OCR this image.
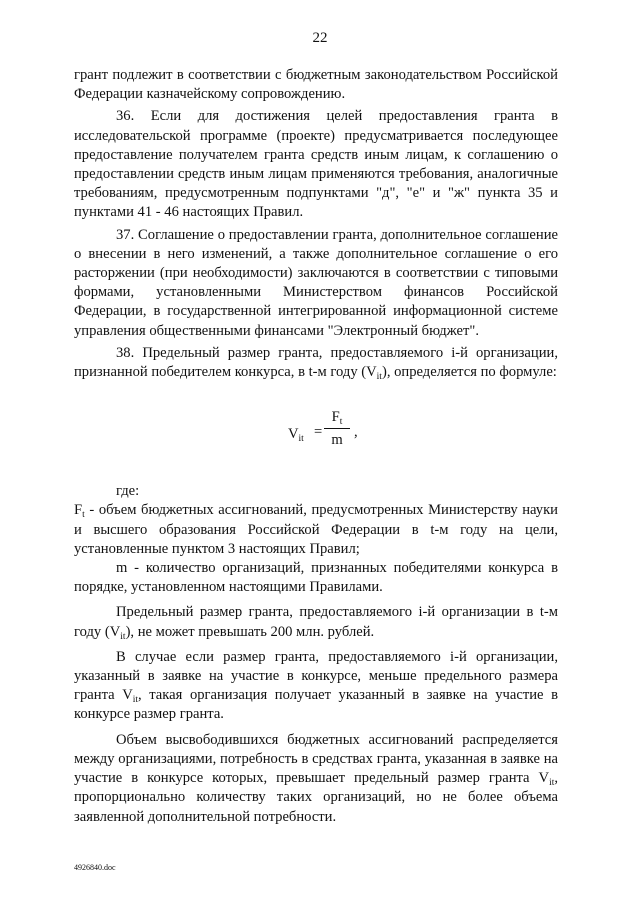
22

грант подлежит в соответствии с бюджетным законодательством Российской Федерации казначейскому сопровождению.

36. Если для достижения целей предоставления гранта в исследовательской программе (проекте) предусматривается последующее предоставление получателем гранта средств иным лицам, к соглашению о предоставлении средств иным лицам применяются требования, аналогичные требованиям, предусмотренным подпунктами "д", "е" и "ж" пункта 35 и пунктами 41 - 46 настоящих Правил.

37. Соглашение о предоставлении гранта, дополнительное соглашение о внесении в него изменений, а также дополнительное соглашение о его расторжении (при необходимости) заключаются в соответствии с типовыми формами, установленными Министерством финансов Российской Федерации, в государственной интегрированной информационной системе управления общественными финансами "Электронный бюджет".

38. Предельный размер гранта, предоставляемого i-й организации, признанной победителем конкурса, в t-м году $(V_{it})$, определяется по формуле:

$V_{it}$ =
$F_t$
m
,

где:

$F_t$ - объем бюджетных ассигнований, предусмотренных Министерству науки и высшего образования Российской Федерации в t-м году на цели, установленные пунктом 3 настоящих Правил;

m - количество организаций, признанных победителями конкурса в порядке, установленном настоящими Правилами.

Предельный размер гранта, предоставляемого i-й организации в t-м году $(V_{it})$, не может превышать 200 млн. рублей.

В случае если размер гранта, предоставляемого i-й организации, указанный в заявке на участие в конкурсе, меньше предельного размера гранта $V_{it}$, такая организация получает указанный в заявке на участие в конкурсе размер гранта.

Объем высвободившихся бюджетных ассигнований распределяется между организациями, потребность в средствах гранта, указанная в заявке на участие в конкурсе которых, превышает предельный размер гранта $V_{it}$, пропорционально количеству таких организаций, но не более объема заявленной дополнительной потребности.

4926840.doc
